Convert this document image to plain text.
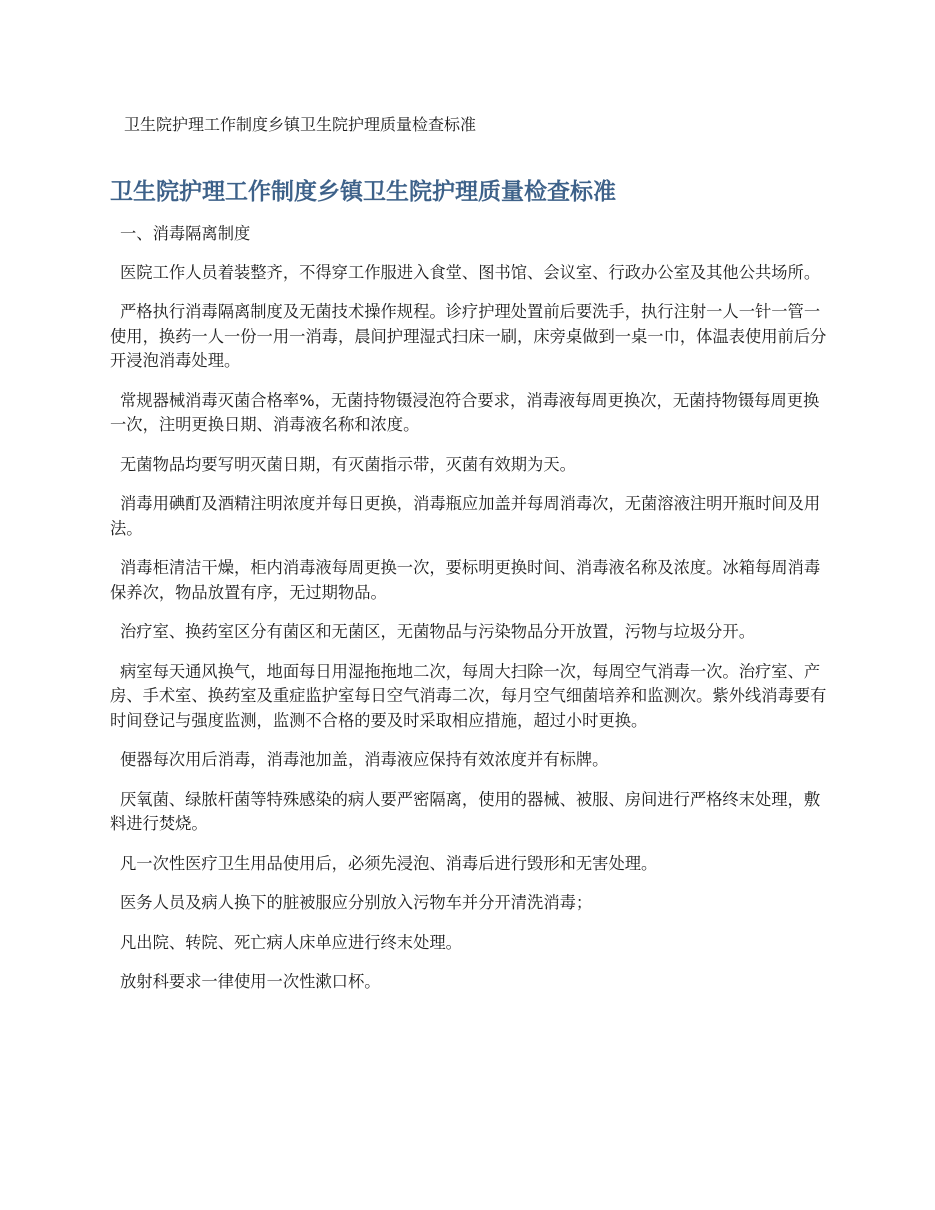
卫生院护理工作制度乡镇卫生院护理质量检查标准
卫生院护理工作制度乡镇卫生院护理质量检查标准

一、消毒隔离制度

医院工作人员着装整齐，不得穿工作服进入食堂、图书馆、会议室、行政办公室及其他公共场所。

严格执行消毒隔离制度及无菌技术操作规程。诊疗护理处置前后要洗手，执行注射一人一针一管一使用，换药一人一份一用一消毒，晨间护理湿式扫床一刷，床旁桌做到一桌一巾，体温表使用前后分开浸泡消毒处理。

常规器械消毒灭菌合格率%，无菌持物镊浸泡符合要求，消毒液每周更换次，无菌持物镊每周更换一次，注明更换日期、消毒液名称和浓度。

无菌物品均要写明灭菌日期，有灭菌指示带，灭菌有效期为天。

消毒用碘酊及酒精注明浓度并每日更换，消毒瓶应加盖并每周消毒次，无菌溶液注明开瓶时间及用法。

消毒柜清洁干燥，柜内消毒液每周更换一次，要标明更换时间、消毒液名称及浓度。冰箱每周消毒保养次，物品放置有序，无过期物品。

治疗室、换药室区分有菌区和无菌区，无菌物品与污染物品分开放置，污物与垃圾分开。

病室每天通风换气，地面每日用湿拖拖地二次，每周大扫除一次，每周空气消毒一次。治疗室、产房、手术室、换药室及重症监护室每日空气消毒二次，每月空气细菌培养和监测次。紫外线消毒要有时间登记与强度监测，监测不合格的要及时采取相应措施，超过小时更换。

便器每次用后消毒，消毒池加盖，消毒液应保持有效浓度并有标牌。

厌氧菌、绿脓杆菌等特殊感染的病人要严密隔离，使用的器械、被服、房间进行严格终末处理，敷料进行焚烧。

凡一次性医疗卫生用品使用后，必须先浸泡、消毒后进行毁形和无害处理。

医务人员及病人换下的脏被服应分别放入污物车并分开清洗消毒；

凡出院、转院、死亡病人床单应进行终末处理。

放射科要求一律使用一次性漱口杯。
